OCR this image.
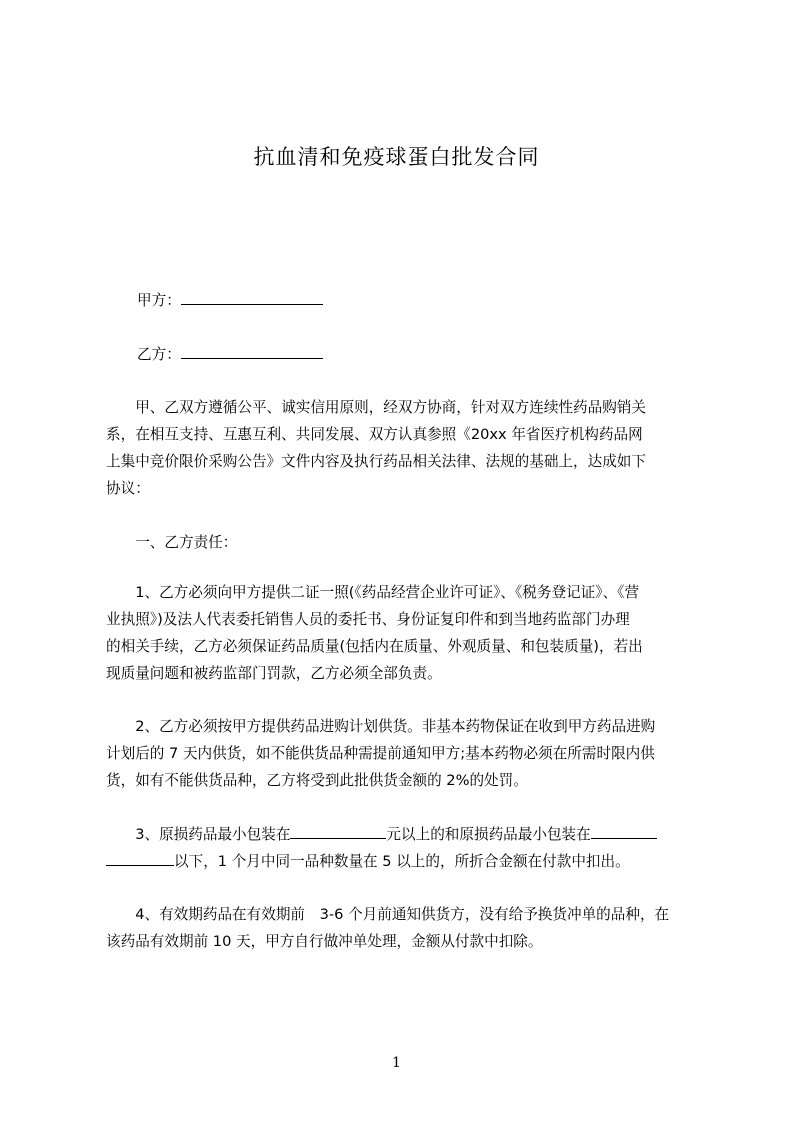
抗血清和免疫球蛋白批发合同
甲方：
乙方：
　　甲、乙双方遵循公平、诚实信用原则，经双方协商，针对双方连续性药品购销关
系，在相互支持、互惠互利、共同发展、双方认真参照《20xx 年省医疗机构药品网
上集中竞价限价采购公告》文件内容及执行药品相关法律、法规的基础上，达成如下
协议：
　　一、乙方责任：
　　1、乙方必须向甲方提供二证一照(《药品经营企业许可证》、《税务登记证》、《营
业执照》)及法人代表委托销售人员的委托书、身份证复印件和到当地药监部门办理
的相关手续，乙方必须保证药品质量(包括内在质量、外观质量、和包装质量)，若出
现质量问题和被药监部门罚款，乙方必须全部负责。
　　2、乙方必须按甲方提供药品进购计划供货。非基本药物保证在收到甲方药品进购
计划后的 7 天内供货，如不能供货品种需提前通知甲方;基本药物必须在所需时限内供
货，如有不能供货品种，乙方将受到此批供货金额的 2%的处罚。
　　3、原损药品最小包装在	元以上的和原损药品最小包装在
以下，1 个月中同一品种数量在 5 以上的，所折合金额在付款中扣出。
　　4、有效期药品在有效期前　3-6 个月前通知供货方，没有给予换货冲单的品种，在
该药品有效期前 10 天，甲方自行做冲单处理，金额从付款中扣除。
1
